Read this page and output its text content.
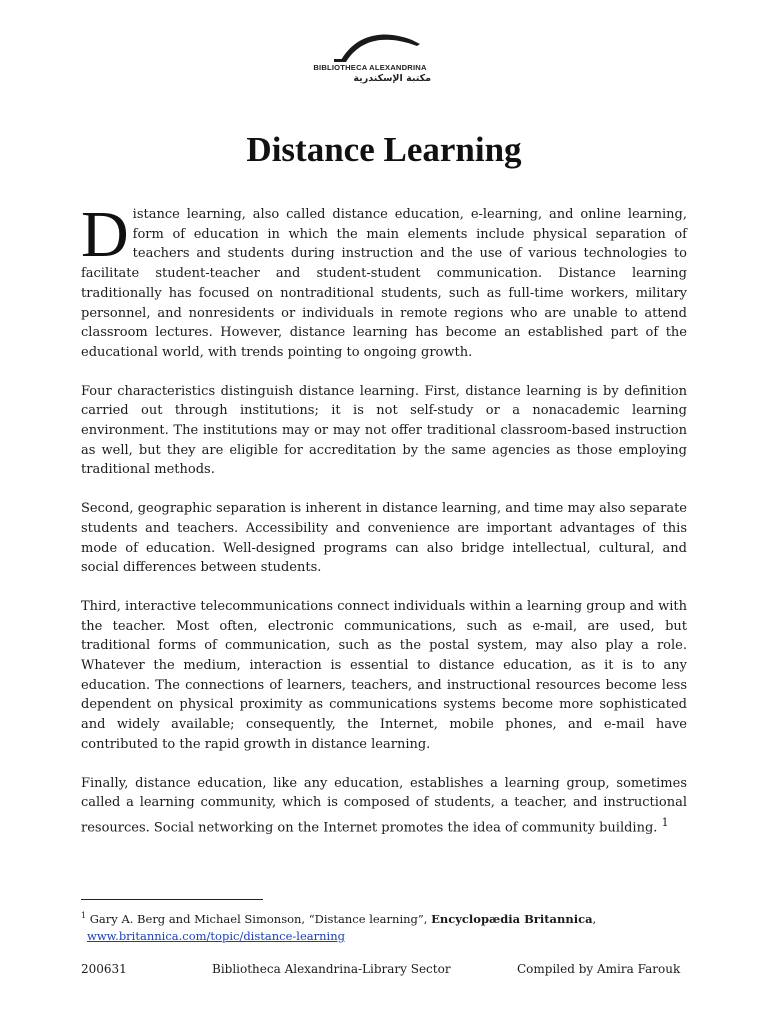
BIBLIOTHECA ALEXANDRINA
مكتبة الإسكندرية
Distance Learning

Distance learning, also called distance education, e-learning, and online learning, form of education in which the main elements include physical separation of teachers and students during instruction and the use of various technologies to facilitate student-teacher and student-student communication. Distance learning traditionally has focused on nontraditional students, such as full-time workers, military personnel, and nonresidents or individuals in remote regions who are unable to attend classroom lectures. However, distance learning has become an established part of the educational world, with trends pointing to ongoing growth.

Four characteristics distinguish distance learning. First, distance learning is by definition carried out through institutions; it is not self-study or a nonacademic learning environment. The institutions may or may not offer traditional classroom-based instruction as well, but they are eligible for accreditation by the same agencies as those employing traditional methods.

Second, geographic separation is inherent in distance learning, and time may also separate students and teachers. Accessibility and convenience are important advantages of this mode of education. Well-designed programs can also bridge intellectual, cultural, and social differences between students.

Third, interactive telecommunications connect individuals within a learning group and with the teacher. Most often, electronic communications, such as e-mail, are used, but traditional forms of communication, such as the postal system, may also play a role. Whatever the medium, interaction is essential to distance education, as it is to any education. The connections of learners, teachers, and instructional resources become less dependent on physical proximity as communications systems become more sophisticated and widely available; consequently, the Internet, mobile phones, and e-mail have contributed to the rapid growth in distance learning.

Finally, distance education, like any education, establishes a learning group, sometimes called a learning community, which is composed of students, a teacher, and instructional resources. Social networking on the Internet promotes the idea of community building. $^1$

$^1$ Gary A. Berg and Michael Simonson, “Distance learning”, Encyclopædia Britannica,
www.britannica.com/topic/distance-learning
200631	Bibliotheca Alexandrina-Library Sector	Compiled by Amira Farouk
